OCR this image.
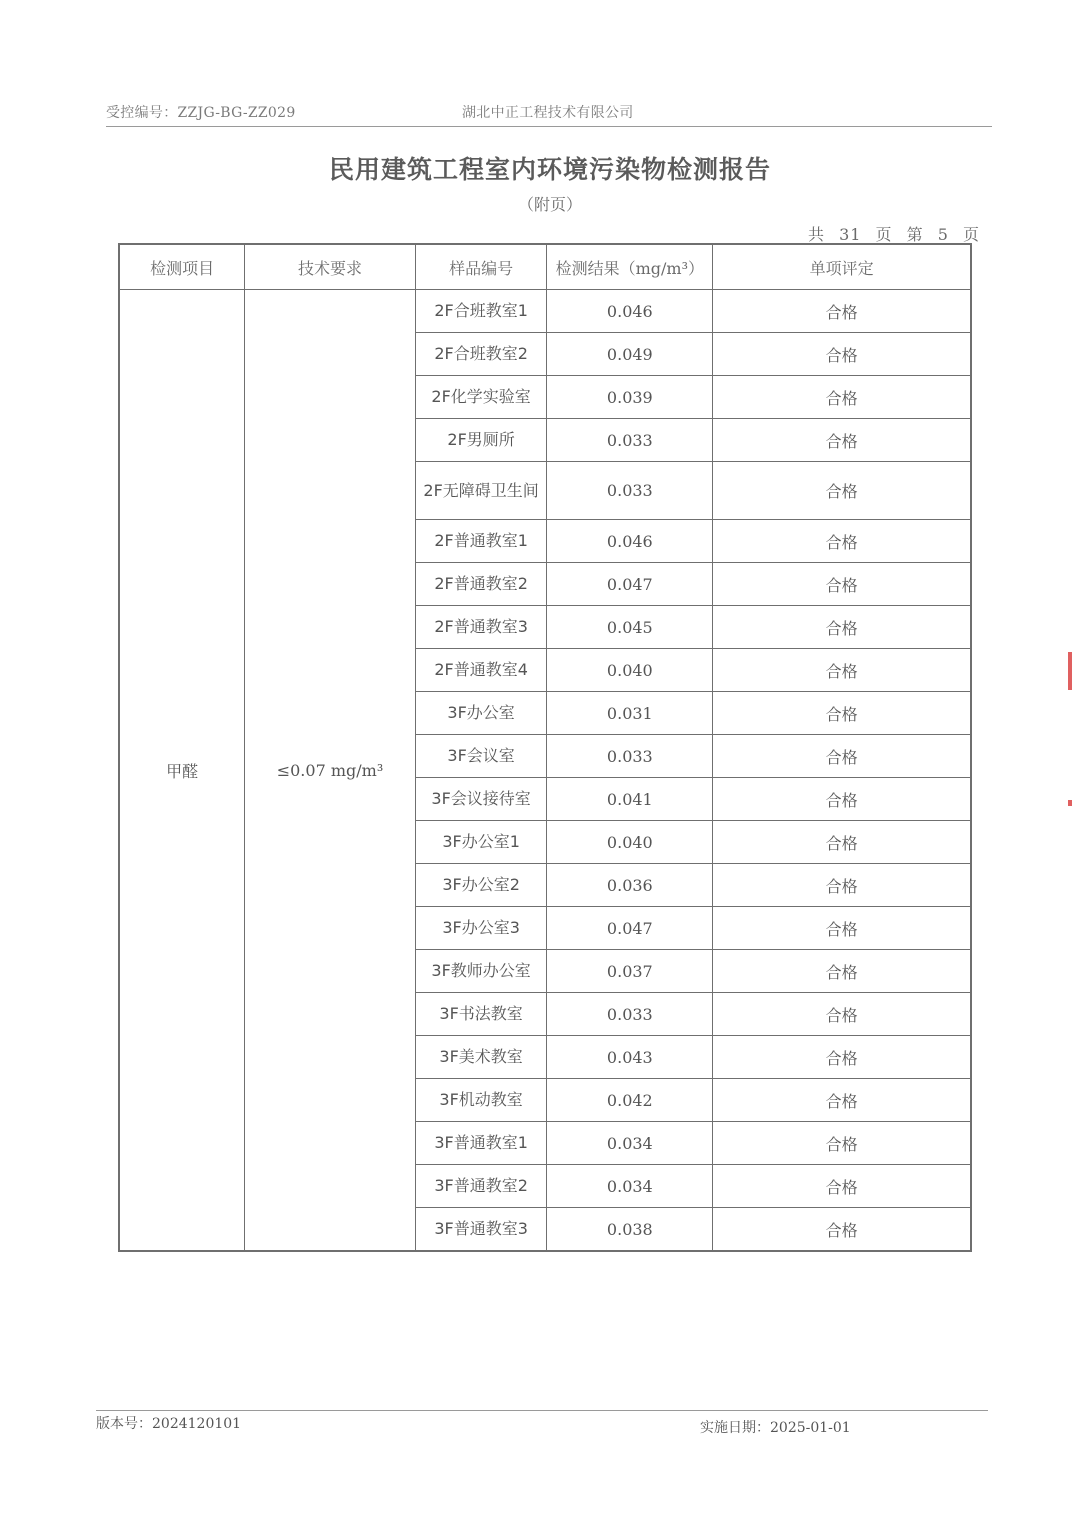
受控编号：ZZJG-BG-ZZ029	湖北中正工程技术有限公司
民用建筑工程室内环境污染物检测报告
（附页）
共 31 页 第 5 页
检测项目	技术要求	样品编号	检测结果（mg/m³）	单项评定
甲醛	≤0.07 mg/m³	2F合班教室1	0.046	合格
		2F合班教室2	0.049	合格
		2F化学实验室	0.039	合格
		2F男厕所	0.033	合格
		2F无障碍卫生间	0.033	合格
		2F普通教室1	0.046	合格
		2F普通教室2	0.047	合格
		2F普通教室3	0.045	合格
		2F普通教室4	0.040	合格
		3F办公室	0.031	合格
		3F会议室	0.033	合格
		3F会议接待室	0.041	合格
		3F办公室1	0.040	合格
		3F办公室2	0.036	合格
		3F办公室3	0.047	合格
		3F教师办公室	0.037	合格
		3F书法教室	0.033	合格
		3F美术教室	0.043	合格
		3F机动教室	0.042	合格
		3F普通教室1	0.034	合格
		3F普通教室2	0.034	合格
		3F普通教室3	0.038	合格
版本号：2024120101	实施日期：2025-01-01
